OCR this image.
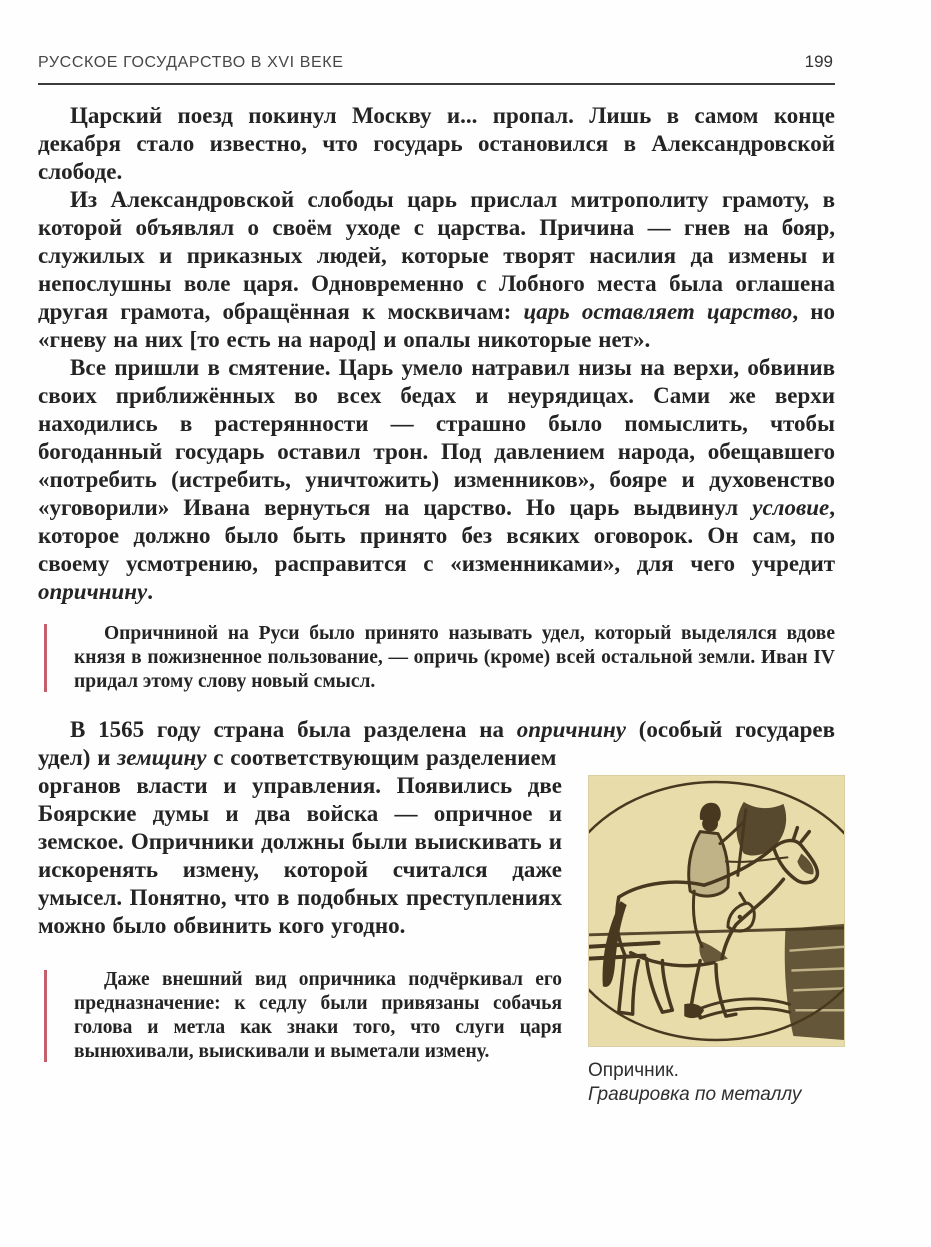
РУССКОЕ ГОСУДАРСТВО В XVI ВЕКЕ	199

Царский поезд покинул Москву и... пропал. Лишь в самом конце декабря стало известно, что государь остановился в Александровской слободе.

Из Александровской слободы царь прислал митрополиту грамоту, в которой объявлял о своём уходе с царства. Причина — гнев на бояр, служилых и приказных людей, которые творят насилия да измены и непослушны воле царя. Одновременно с Лобного места была оглашена другая грамота, обращённая к москвичам: царь оставляет царство, но «гневу на них [то есть на народ] и опалы никоторые нет».

Все пришли в смятение. Царь умело натравил низы на верхи, обвинив своих приближённых во всех бедах и неурядицах. Сами же верхи находились в растерянности — страшно было помыслить, чтобы богоданный государь оставил трон. Под давлением народа, обещавшего «потребить (истребить, уничтожить) изменников», бояре и духовенство «уговорили» Ивана вернуться на царство. Но царь выдвинул условие, которое должно было быть принято без всяких оговорок. Он сам, по своему усмотрению, расправится с «изменниками», для чего учредит опричнину.

Опричниной на Руси было принято называть удел, который выделялся вдове князя в пожизненное пользование, — опричь (кроме) всей остальной земли. Иван IV придал этому слову новый смысл.

В 1565 году страна была разделена на опричнину (особый государев удел) и земщину с соответствующим разделением

Опричник.
Гравировка по металлу

органов власти и управления. Появились две Боярские думы и два войска — опричное и земское. Опричники должны были выискивать и искоренять измену, которой считался даже умысел. Понятно, что в подобных преступлениях можно было обвинить кого угодно.

Даже внешний вид опричника подчёркивал его предназначение: к седлу были привязаны собачья голова и метла как знаки того, что слуги царя вынюхивали, выискивали и выметали измену.
